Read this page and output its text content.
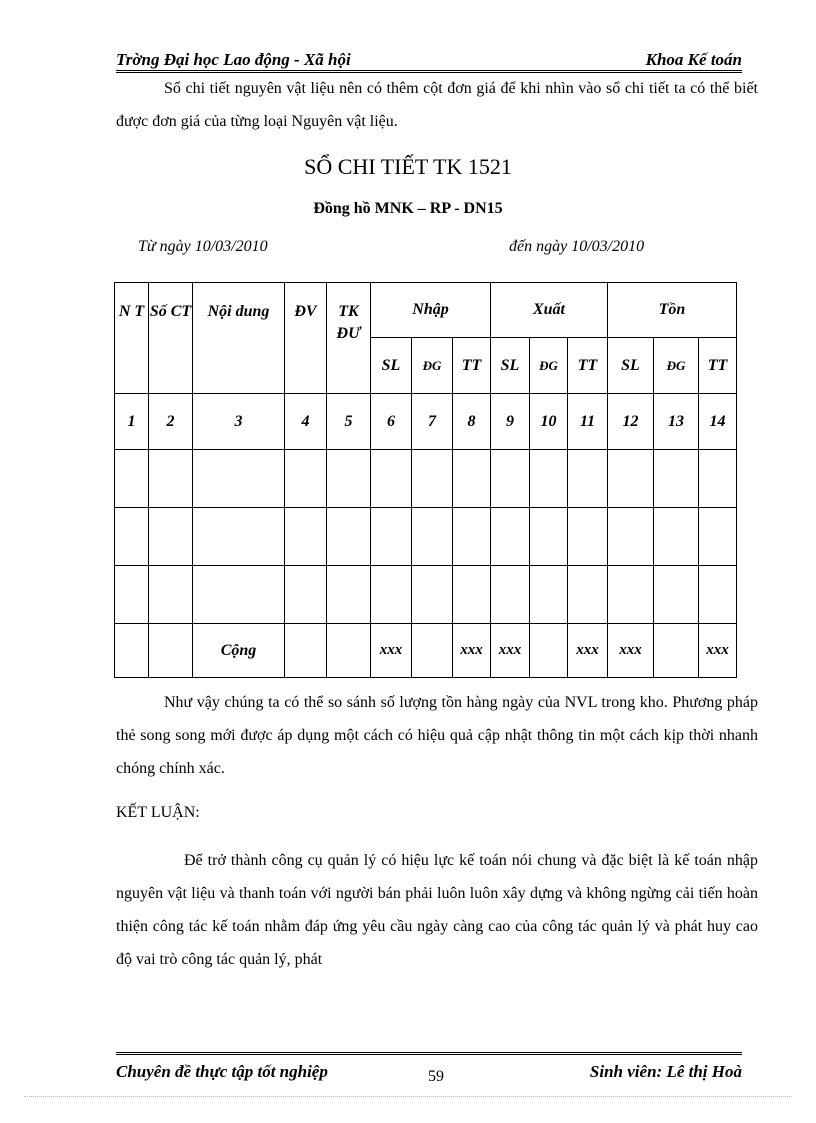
Trờng Đại học Lao động - Xã hội	Khoa Kế toán
Sổ chi tiết nguyên vật liệu nên có thêm cột đơn giá để khi nhìn vào sổ chi tiết ta có thể biết được đơn giá của từng loại Nguyên vật liệu.
SỔ CHI TIẾT TK 1521
Đồng hồ MNK – RP - DN15
Từ ngày 10/03/2010	đến ngày 10/03/2010
N T	Số CT	Nội dung	ĐV	TK ĐƯ	Nhập			Xuất			Tồn		
					SL	ĐG	TT	SL	ĐG	TT	SL	ĐG	TT
1	2	3	4	5	6	7	8	9	10	11	12	13	14

		Cộng			xxx		xxx	xxx		xxx	xxx		xxx
Như vậy chúng ta có thể so sánh số lượng tồn hàng ngày của NVL trong kho. Phương pháp thẻ song song mới được áp dụng một cách có hiệu quả cập nhật thông tin một cách kịp thời nhanh chóng chính xác.
KẾT LUẬN:
Để trở thành công cụ quản lý có hiệu lực kế toán nói chung và đặc biệt là kế toán nhập nguyên vật liệu và thanh toán với người bán phải luôn luôn xây dựng và không ngừng cải tiến hoàn thiện công tác kế toán nhằm đáp ứng yêu cầu ngày càng cao của công tác quản lý và phát huy cao độ vai trò công tác quản lý, phát
Chuyên đề thực tập tốt nghiệp	Sinh viên: Lê thị Hoà
59
